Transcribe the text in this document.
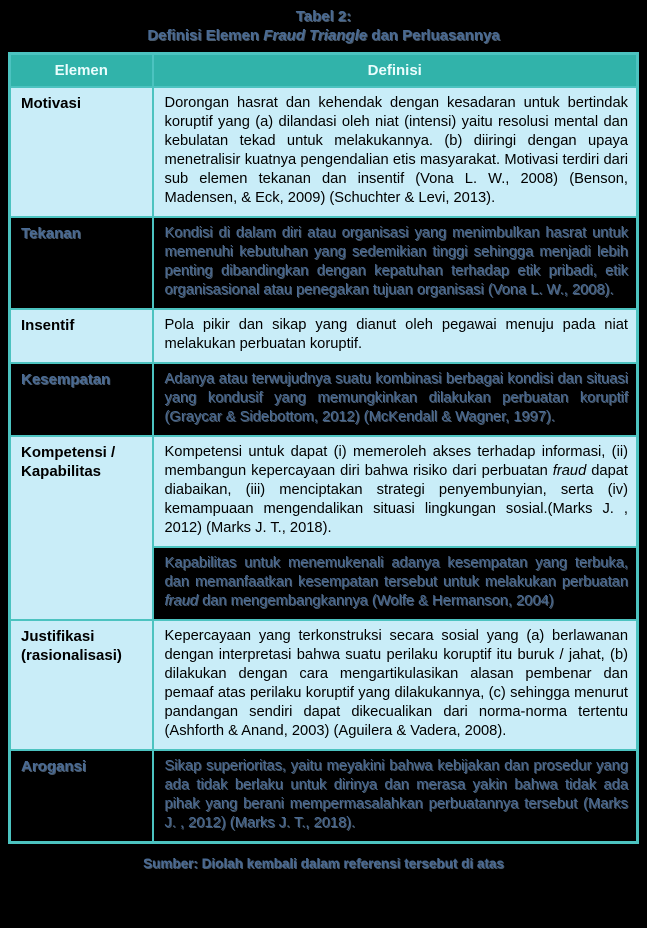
Tabel 2:
Definisi Elemen Fraud Triangle dan Perluasannya
Elemen	Definisi
Motivasi	Dorongan hasrat dan kehendak dengan kesadaran untuk bertindak koruptif yang (a) dilandasi oleh niat (intensi) yaitu resolusi mental dan kebulatan tekad untuk melakukannya. (b) diiringi dengan upaya menetralisir kuatnya pengendalian etis masyarakat. Motivasi terdiri dari sub elemen tekanan dan insentif (Vona L. W., 2008) (Benson, Madensen, & Eck, 2009) (Schuchter & Levi, 2013).
Tekanan	Kondisi di dalam diri atau organisasi yang menimbulkan hasrat untuk memenuhi kebutuhan yang sedemikian tinggi sehingga menjadi lebih penting dibandingkan dengan kepatuhan terhadap etik pribadi, etik organisasional atau penegakan tujuan organisasi (Vona L. W., 2008).
Insentif	Pola pikir dan sikap yang dianut oleh pegawai menuju pada niat melakukan perbuatan koruptif.
Kesempatan	Adanya atau terwujudnya suatu kombinasi berbagai kondisi dan situasi yang kondusif yang memungkinkan dilakukan perbuatan koruptif (Graycar & Sidebottom, 2012) (McKendall & Wagner, 1997).
Kompetensi / Kapabilitas	Kompetensi untuk dapat (i) memeroleh akses terhadap informasi, (ii) membangun kepercayaan diri bahwa risiko dari perbuatan fraud dapat diabaikan, (iii) menciptakan strategi penyembunyian, serta (iv) kemampuaan mengendalikan situasi lingkungan sosial.(Marks J. , 2012) (Marks J. T., 2018).
	Kapabilitas untuk menemukenali adanya kesempatan yang terbuka, dan memanfaatkan kesempatan tersebut untuk melakukan perbuatan fraud dan mengembangkannya (Wolfe & Hermanson, 2004)
Justifikasi (rasionalisasi)	Kepercayaan yang terkonstruksi secara sosial yang (a) berlawanan dengan interpretasi bahwa suatu perilaku koruptif itu buruk / jahat, (b) dilakukan dengan cara mengartikulasikan alasan pembenar dan pemaaf atas perilaku koruptif yang dilakukannya, (c) sehingga menurut pandangan sendiri dapat dikecualikan dari norma-norma tertentu (Ashforth & Anand, 2003) (Aguilera & Vadera, 2008).
Arogansi	Sikap superioritas, yaitu meyakini bahwa kebijakan dan prosedur yang ada tidak berlaku untuk dirinya dan merasa yakin bahwa tidak ada pihak yang berani mempermasalahkan perbuatannya tersebut (Marks J. , 2012) (Marks J. T., 2018).
Sumber: Diolah kembali dalam referensi tersebut di atas
